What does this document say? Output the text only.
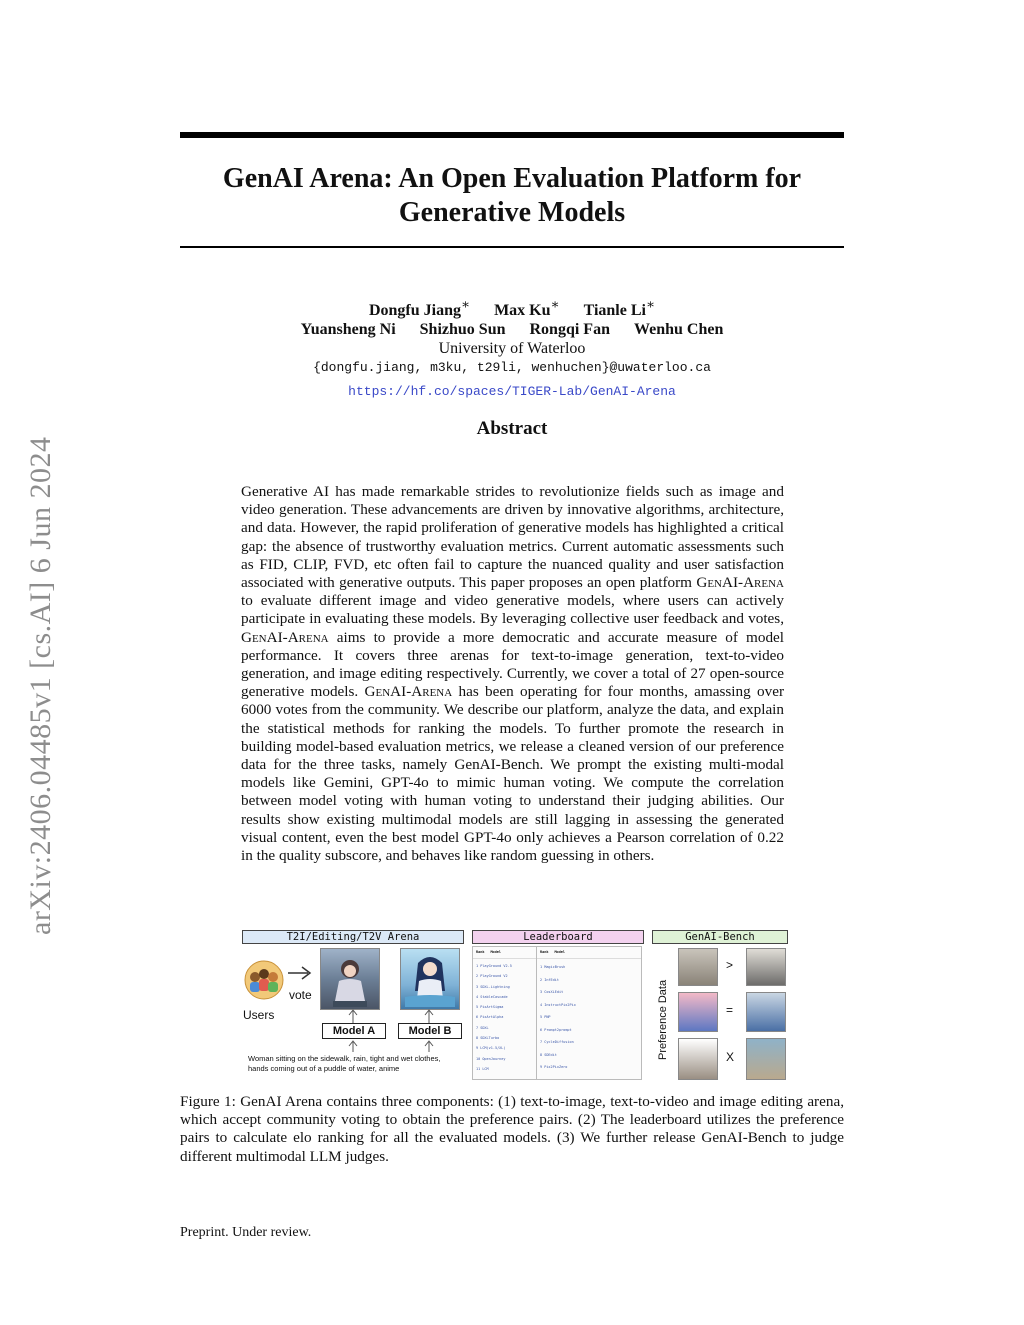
arXiv:2406.04485v1 [cs.AI] 6 Jun 2024
GenAI Arena: An Open Evaluation Platform for
Generative Models
Dongfu Jiang∗ Max Ku∗ Tianle Li∗
Yuansheng Ni Shizhuo Sun Rongqi Fan Wenhu Chen
University of Waterloo
{dongfu.jiang, m3ku, t29li, wenhuchen}@uwaterloo.ca
https://hf.co/spaces/TIGER-Lab/GenAI-Arena
Abstract
Generative AI has made remarkable strides to revolutionize fields such as image and video generation. These advancements are driven by innovative algorithms, architecture, and data. However, the rapid proliferation of generative models has highlighted a critical gap: the absence of trustworthy evaluation metrics. Current automatic assessments such as FID, CLIP, FVD, etc often fail to capture the nuanced quality and user satisfaction associated with generative outputs. This paper proposes an open platform GenAI-Arena to evaluate different image and video generative models, where users can actively participate in evaluating these models. By leveraging collective user feedback and votes, GenAI-Arena aims to provide a more democratic and accurate measure of model performance. It covers three arenas for text-to-image generation, text-to-video generation, and image editing respectively. Currently, we cover a total of 27 open-source generative models. GenAI-Arena has been operating for four months, amassing over 6000 votes from the community. We describe our platform, analyze the data, and explain the statistical methods for ranking the models. To further promote the research in building model-based evaluation metrics, we release a cleaned version of our preference data for the three tasks, namely GenAI-Bench. We prompt the existing multi-modal models like Gemini, GPT-4o to mimic human voting. We compute the correlation between model voting with human voting to understand their judging abilities. Our results show existing multimodal models are still lagging in assessing the generated visual content, even the best model GPT-4o only achieves a Pearson correlation of 0.22 in the quality subscore, and behaves like random guessing in others.
T2I/Editing/T2V Arena
Users
vote
Model A	Model B
Woman sitting on the sidewalk, rain, tight and wet clothes, hands coming out of a puddle of water, anime
Leaderboard
Rank Model
1 PlayGround V2.5
2 PlayGround V2
3 SDXL-Lightning
4 StableCascade
5 PixArtSigma
6 PixArtAlpha
7 SDXL
8 SDXLTurbo
9 LCM(v1.5/XL)
10 OpenJourney
11 LCM
Rank Model
1 MagicBrush
2 InfEdit
3 CosXLEdit
4 InstructPix2Pix
5 PNP
6 Prompt2prompt
7 CycleDiffusion
8 SDEdit
9 Pix2PixZero
GenAI-Bench
Preference Data
>
=
X
Figure 1: GenAI Arena contains three components: (1) text-to-image, text-to-video and image editing arena, which accept community voting to obtain the preference pairs. (2) The leaderboard utilizes the preference pairs to calculate elo ranking for all the evaluated models. (3) We further release GenAI-Bench to judge different multimodal LLM judges.
Preprint. Under review.
